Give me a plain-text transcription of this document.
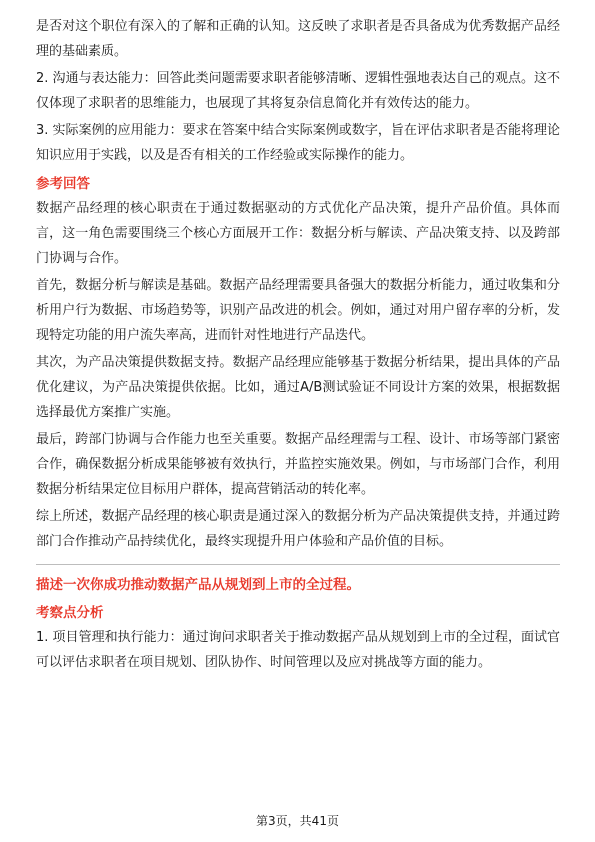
是否对这个职位有深入的了解和正确的认知。这反映了求职者是否具备成为优秀数据产品经理的基础素质。

2. 沟通与表达能力：回答此类问题需要求职者能够清晰、逻辑性强地表达自己的观点。这不仅体现了求职者的思维能力，也展现了其将复杂信息简化并有效传达的能力。

3. 实际案例的应用能力：要求在答案中结合实际案例或数字，旨在评估求职者是否能将理论知识应用于实践，以及是否有相关的工作经验或实际操作的能力。

参考回答

数据产品经理的核心职责在于通过数据驱动的方式优化产品决策，提升产品价值。具体而言，这一角色需要围绕三个核心方面展开工作：数据分析与解读、产品决策支持、以及跨部门协调与合作。

首先，数据分析与解读是基础。数据产品经理需要具备强大的数据分析能力，通过收集和分析用户行为数据、市场趋势等，识别产品改进的机会。例如，通过对用户留存率的分析，发现特定功能的用户流失率高，进而针对性地进行产品迭代。

其次，为产品决策提供数据支持。数据产品经理应能够基于数据分析结果，提出具体的产品优化建议，为产品决策提供依据。比如，通过A/B测试验证不同设计方案的效果，根据数据选择最优方案推广实施。

最后，跨部门协调与合作能力也至关重要。数据产品经理需与工程、设计、市场等部门紧密合作，确保数据分析成果能够被有效执行，并监控实施效果。例如，与市场部门合作，利用数据分析结果定位目标用户群体，提高营销活动的转化率。

综上所述，数据产品经理的核心职责是通过深入的数据分析为产品决策提供支持，并通过跨部门合作推动产品持续优化，最终实现提升用户体验和产品价值的目标。

描述一次你成功推动数据产品从规划到上市的全过程。

考察点分析

1. 项目管理和执行能力：通过询问求职者关于推动数据产品从规划到上市的全过程，面试官可以评估求职者在项目规划、团队协作、时间管理以及应对挑战等方面的能力。

第3页，共41页
